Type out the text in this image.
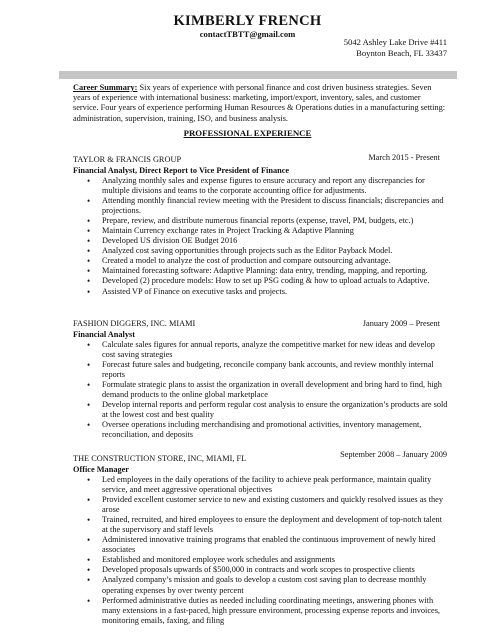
KIMBERLY FRENCH
contactTBTT@gmail.com
5042 Ashley Lake Drive #411
Boynton Beach, FL 33437
Career Summary: Six years of experience with personal finance and cost driven business strategies. Seven years of experience with international business: marketing, import/export, inventory, sales, and customer service. Four years of experience performing Human Resources & Operations duties in a manufacturing setting: administration, supervision, training, ISO, and business analysis.
PROFESSIONAL EXPERIENCE
TAYLOR & FRANCIS GROUP	March 2015 - Present
Financial Analyst, Direct Report to Vice President of Finance
• Analyzing monthly sales and expense figures to ensure accuracy and report any discrepancies for multiple divisions and teams to the corporate accounting office for adjustments.
• Attending monthly financial review meeting with the President to discuss financials; discrepancies and projections.
• Prepare, review, and distribute numerous financial reports (expense, travel, PM, budgets, etc.)
• Maintain Currency exchange rates in Project Tracking & Adaptive Planning
• Developed US division OE Budget 2016
• Analyzed cost saving opportunities through projects such as the Editor Payback Model.
• Created a model to analyze the cost of production and compare outsourcing advantage.
• Maintained forecasting software: Adaptive Planning: data entry, trending, mapping, and reporting.
• Developed (2) procedure models: How to set up PSG coding & how to upload actuals to Adaptive.
• Assisted VP of Finance on executive tasks and projects.
FASHION DIGGERS, INC. MIAMI	January 2009 – Present
Financial Analyst
• Calculate sales figures for annual reports, analyze the competitive market for new ideas and develop cost saving strategies
• Forecast future sales and budgeting, reconcile company bank accounts, and review monthly internal reports
• Formulate strategic plans to assist the organization in overall development and bring hard to find, high demand products to the online global marketplace
• Develop internal reports and perform regular cost analysis to ensure the organization’s products are sold at the lowest cost and best quality
• Oversee operations including merchandising and promotional activities, inventory management, reconciliation, and deposits
THE CONSTRUCTION STORE, INC, MIAMI, FL	September 2008 – January 2009
Office Manager
• Led employees in the daily operations of the facility to achieve peak performance, maintain quality service, and meet aggressive operational objectives
• Provided excellent customer service to new and existing customers and quickly resolved issues as they arose
• Trained, recruited, and hired employees to ensure the deployment and development of top-notch talent at the supervisory and staff levels
• Administered innovative training programs that enabled the continuous improvement of newly hired associates
• Established and monitored employee work schedules and assignments
• Developed proposals upwards of $500,000 in contracts and work scopes to prospective clients
• Analyzed company’s mission and goals to develop a custom cost saving plan to decrease monthly operating expenses by over twenty percent
• Performed administrative duties as needed including coordinating meetings, answering phones with many extensions in a fast-paced, high pressure environment, processing expense reports and invoices, monitoring emails, faxing, and filing
